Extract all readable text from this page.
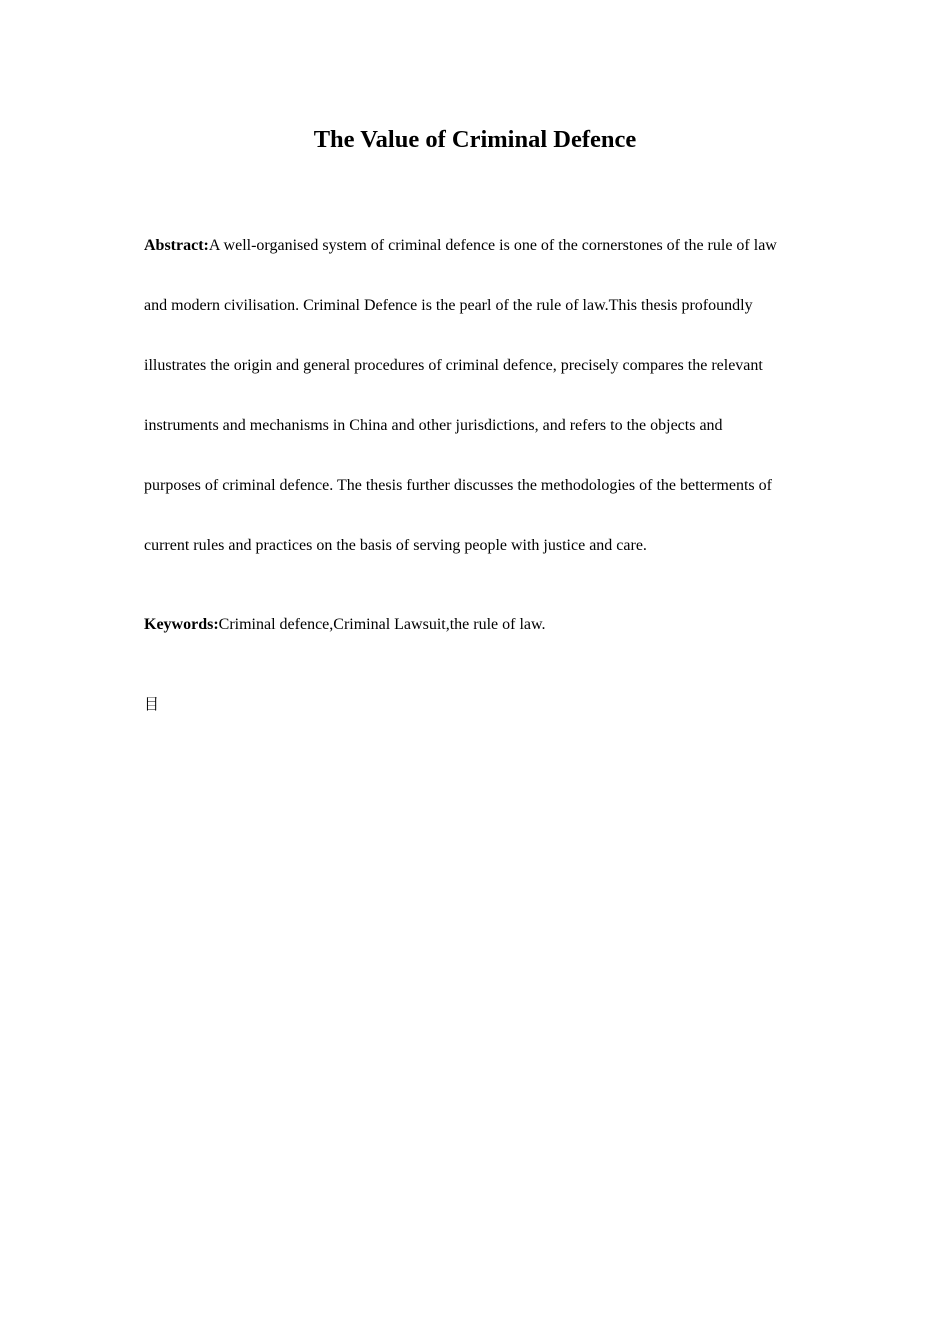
The Value of Criminal Defence
Abstract:A well-organised system of criminal defence is one of the cornerstones of the rule of law
and modern civilisation. Criminal Defence is the pearl of the rule of law.This thesis profoundly
illustrates the origin and general procedures of criminal defence, precisely compares the relevant
instruments and mechanisms in China and other jurisdictions, and refers to the objects and
purposes of criminal defence. The thesis further discusses the methodologies of the betterments of
current rules and practices on the basis of serving people with justice and care.
Keywords:Criminal defence,Criminal Lawsuit,the rule of law.
目
